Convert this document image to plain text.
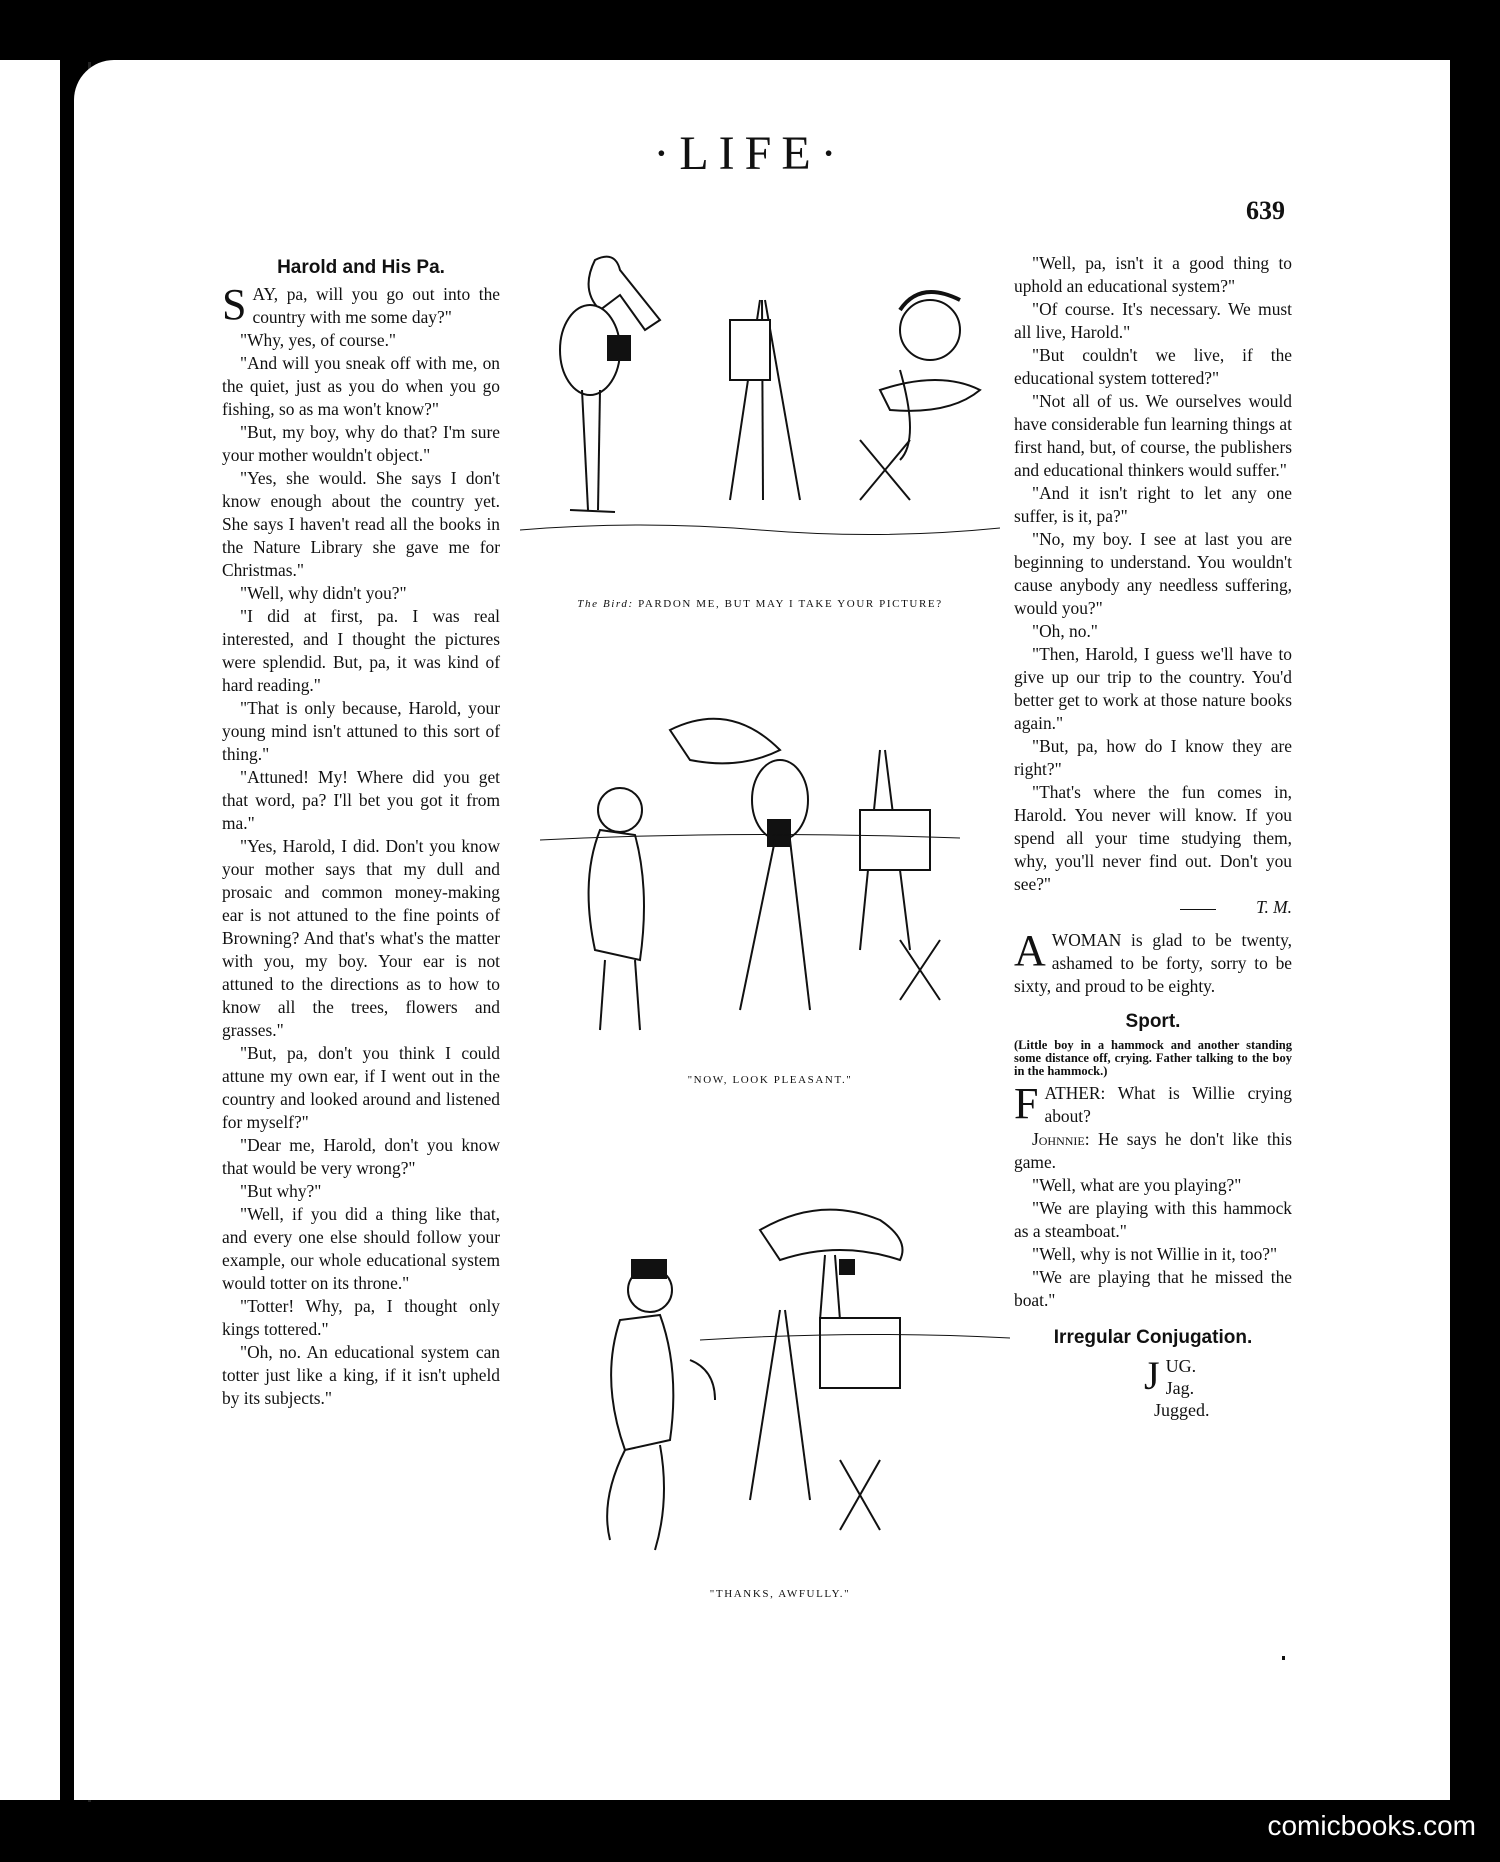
·LIFE·
639
Harold and His Pa.

SAY, pa, will you go out into the country with me some day?"

"Why, yes, of course."

"And will you sneak off with me, on the quiet, just as you do when you go fishing, so as ma won't know?"

"But, my boy, why do that? I'm sure your mother wouldn't object."

"Yes, she would. She says I don't know enough about the country yet. She says I haven't read all the books in the Nature Library she gave me for Christmas."

"Well, why didn't you?"

"I did at first, pa. I was real interested, and I thought the pictures were splendid. But, pa, it was kind of hard reading."

"That is only because, Harold, your young mind isn't attuned to this sort of thing."

"Attuned! My! Where did you get that word, pa? I'll bet you got it from ma."

"Yes, Harold, I did. Don't you know your mother says that my dull and prosaic and common money-making ear is not attuned to the fine points of Browning? And that's what's the matter with you, my boy. Your ear is not attuned to the directions as to how to know all the trees, flowers and grasses."

"But, pa, don't you think I could attune my own ear, if I went out in the country and looked around and listened for myself?"

"Dear me, Harold, don't you know that would be very wrong?"

"But why?"

"Well, if you did a thing like that, and every one else should follow your example, our whole educational system would totter on its throne."

"Totter! Why, pa, I thought only kings tottered."

"Oh, no. An educational system can totter just like a king, if it isn't upheld by its subjects."

"Well, pa, isn't it a good thing to uphold an educational system?"

"Of course. It's necessary. We must all live, Harold."

"But couldn't we live, if the educational system tottered?"

"Not all of us. We ourselves would have considerable fun learning things at first hand, but, of course, the publishers and educational thinkers would suffer."

"And it isn't right to let any one suffer, is it, pa?"

"No, my boy. I see at last you are beginning to understand. You wouldn't cause anybody any needless suffering, would you?"

"Oh, no."

"Then, Harold, I guess we'll have to give up our trip to the country. You'd better get to work at those nature books again."

"But, pa, how do I know they are right?"

"That's where the fun comes in, Harold. You never will know. If you spend all your time studying them, why, you'll never find out. Don't you see?"

T. M.

AWOMAN is glad to be twenty, ashamed to be forty, sorry to be sixty, and proud to be eighty.

Sport.
(Little boy in a hammock and another standing some distance off, crying. Father talking to the boy in the hammock.)

FATHER: What is Willie crying about?

Johnnie: He says he don't like this game.

"Well, what are you playing?"

"We are playing with this hammock as a steamboat."

"Well, why is not Willie in it, too?"

"We are playing that he missed the boat."

Irregular Conjugation.
J UG.
Jag.
Jugged.
The Bird: PARDON ME, BUT MAY I TAKE YOUR PICTURE?
"NOW, LOOK PLEASANT."
"THANKS, AWFULLY."
comicbooks.com
